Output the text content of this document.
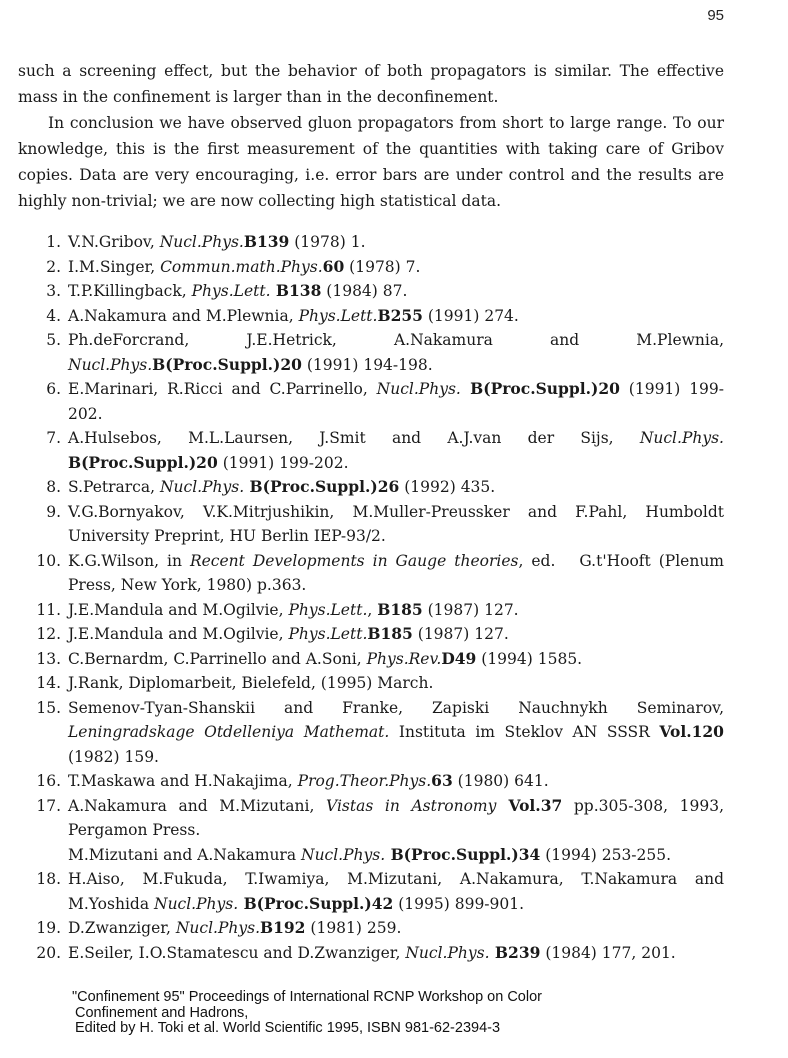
95

such a screening effect, but the behavior of both propagators is similar. The effective mass in the confinement is larger than in the deconfinement.

In conclusion we have observed gluon propagators from short to large range. To our knowledge, this is the first measurement of the quantities with taking care of Gribov copies. Data are very encouraging, i.e. error bars are under control and the results are highly non-trivial; we are now collecting high statistical data.

1. V.N.Gribov, Nucl.Phys.B139 (1978) 1.
2. I.M.Singer, Commun.math.Phys.60 (1978) 7.
3. T.P.Killingback, Phys.Lett. B138 (1984) 87.
4. A.Nakamura and M.Plewnia, Phys.Lett.B255 (1991) 274.
5. Ph.deForcrand,      J.E.Hetrick,      A.Nakamura      and      M.Plewnia, Nucl.Phys.B(Proc.Suppl.)20 (1991) 194-198.
6. E.Marinari, R.Ricci and C.Parrinello, Nucl.Phys. B(Proc.Suppl.)20 (1991) 199-202.
7. A.Hulsebos, M.L.Laursen, J.Smit and A.J.van der Sijs, Nucl.Phys. B(Proc.Suppl.)20 (1991) 199-202.
8. S.Petrarca, Nucl.Phys. B(Proc.Suppl.)26 (1992) 435.
9. V.G.Bornyakov, V.K.Mitrjushikin, M.Muller-Preussker and F.Pahl, Humboldt University Preprint, HU Berlin IEP-93/2.
10. K.G.Wilson, in Recent Developments in Gauge theories, ed.   G.t'Hooft (Plenum Press, New York, 1980) p.363.
11. J.E.Mandula and M.Ogilvie, Phys.Lett., B185 (1987) 127.
12. J.E.Mandula and M.Ogilvie, Phys.Lett.B185 (1987) 127.
13. C.Bernardm, C.Parrinello and A.Soni, Phys.Rev.D49 (1994) 1585.
14. J.Rank, Diplomarbeit, Bielefeld, (1995) March.
15. Semenov-Tyan-Shanskii and Franke, Zapiski Nauchnykh Seminarov, Leningradskage Otdelleniya Mathemat. Instituta im Steklov AN SSSR Vol.120 (1982) 159.
16. T.Maskawa and H.Nakajima, Prog.Theor.Phys.63 (1980) 641.
17. A.Nakamura and M.Mizutani, Vistas in Astronomy Vol.37 pp.305-308, 1993, Pergamon Press.
M.Mizutani and A.Nakamura Nucl.Phys. B(Proc.Suppl.)34 (1994) 253-255.
18. H.Aiso, M.Fukuda, T.Iwamiya, M.Mizutani, A.Nakamura, T.Nakamura and M.Yoshida Nucl.Phys. B(Proc.Suppl.)42 (1995) 899-901.
19. D.Zwanziger, Nucl.Phys.B192 (1981) 259.
20. E.Seiler, I.O.Stamatescu and D.Zwanziger, Nucl.Phys. B239 (1984) 177, 201.
"Confinement 95" Proceedings of International RCNP Workshop on Color
Confinement and Hadrons,
Edited by H. Toki et al. World Scientific 1995, ISBN 981-62-2394-3
